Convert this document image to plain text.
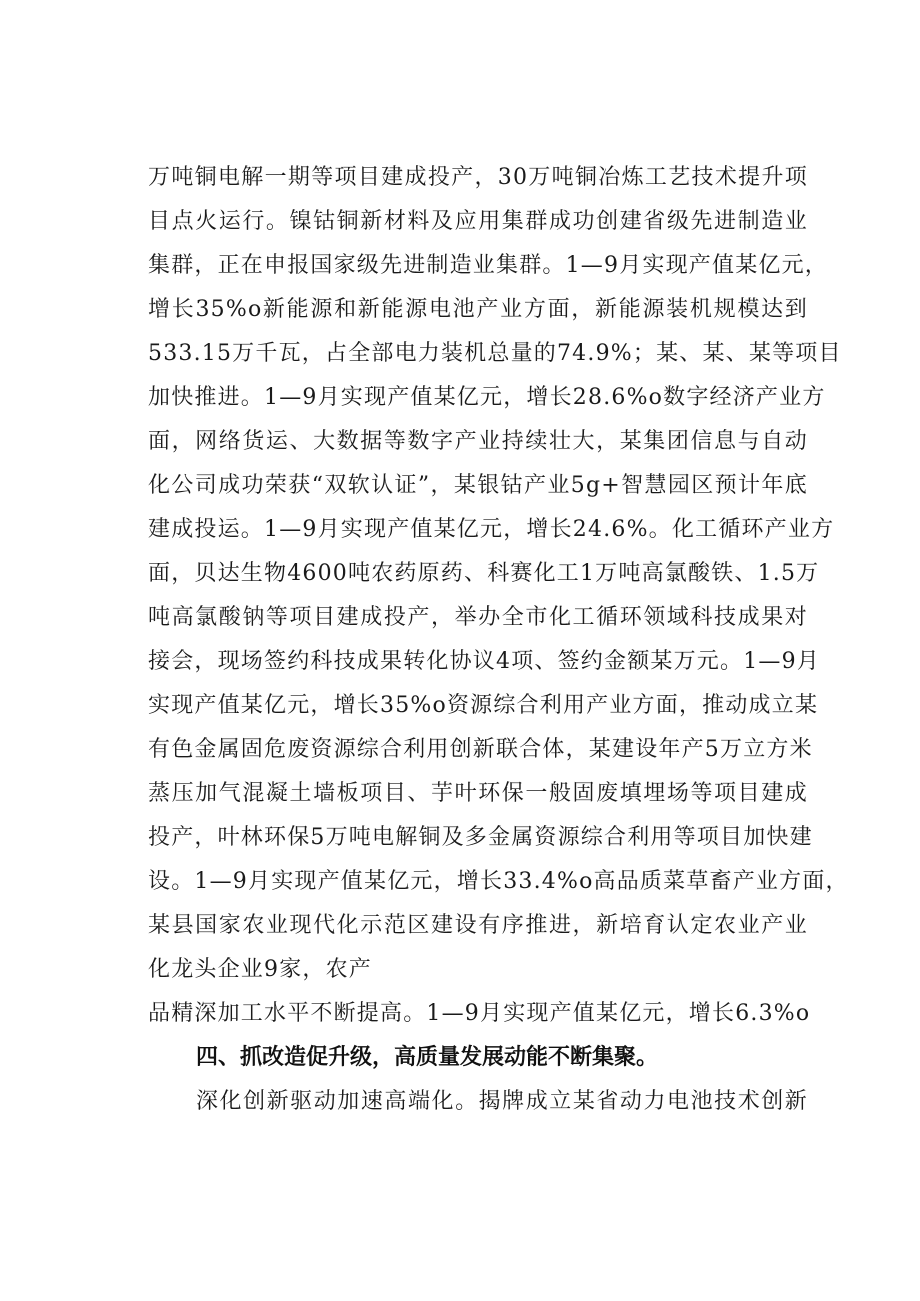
万吨铜电解一期等项目建成投产，30万吨铜冶炼工艺技术提升项
目点火运行。镍钴铜新材料及应用集群成功创建省级先进制造业
集群，正在申报国家级先进制造业集群。1—9月实现产值某亿元，
增长35%o新能源和新能源电池产业方面，新能源装机规模达到
533.15万千瓦，占全部电力装机总量的74.9%；某、某、某等项目
加快推进。1—9月实现产值某亿元，增长28.6%o数字经济产业方
面，网络货运、大数据等数字产业持续壮大，某集团信息与自动
化公司成功荣获“双软认证”，某银钴产业5g+智慧园区预计年底
建成投运。1—9月实现产值某亿元，增长24.6%。化工循环产业方
面，贝达生物4600吨农药原药、科赛化工1万吨高氯酸铁、1.5万
吨高氯酸钠等项目建成投产，举办全市化工循环领域科技成果对
接会，现场签约科技成果转化协议4项、签约金额某万元。1—9月
实现产值某亿元，增长35%o资源综合利用产业方面，推动成立某
有色金属固危废资源综合利用创新联合体，某建设年产5万立方米
蒸压加气混凝土墙板项目、芋叶环保一般固废填埋场等项目建成
投产，叶林环保5万吨电解铜及多金属资源综合利用等项目加快建
设。1—9月实现产值某亿元，增长33.4%o高品质菜草畜产业方面，
某县国家农业现代化示范区建设有序推进，新培育认定农业产业
化龙头企业9家，农产
品精深加工水平不断提高。1—9月实现产值某亿元，增长6.3%o
四、抓改造促升级，高质量发展动能不断集聚。
深化创新驱动加速高端化。揭牌成立某省动力电池技术创新
